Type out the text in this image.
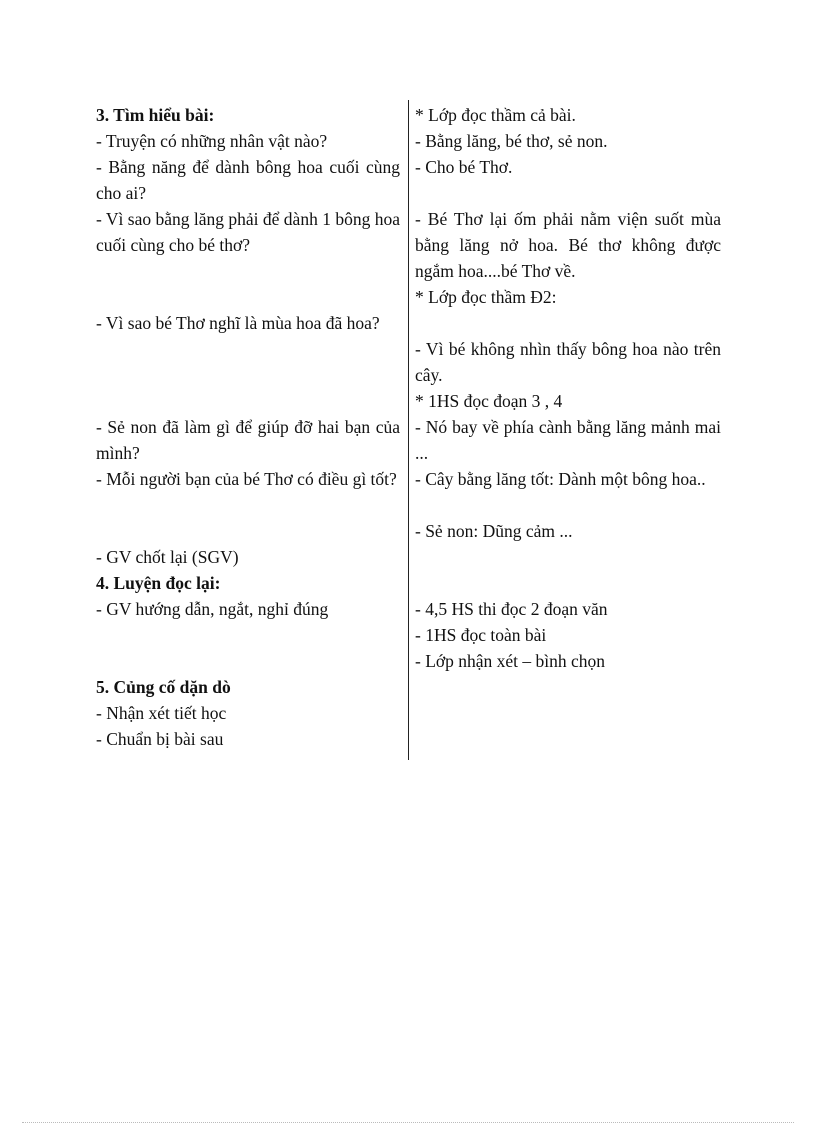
3. Tìm hiểu bài:
- Truyện có những nhân vật nào?
- Bằng năng để dành bông hoa cuối cùng cho ai?
- Vì sao bằng lăng phải để dành 1 bông hoa cuối cùng cho bé thơ?
- Vì sao bé Thơ nghĩ là mùa hoa đã hoa?
- Sẻ non đã làm gì để giúp đỡ hai bạn của mình?
- Mỗi người bạn của bé Thơ có điều gì tốt?
- GV chốt lại (SGV)
4. Luyện đọc lại:
- GV hướng dẫn, ngắt, nghỉ đúng
5. Củng cố dặn dò
- Nhận xét tiết học
- Chuẩn bị bài sau
* Lớp đọc thầm cả bài.
- Bằng lăng, bé thơ, sẻ non.
- Cho bé Thơ.
- Bé Thơ lại ốm phải nằm viện suốt mùa bằng lăng nở hoa. Bé thơ không được ngắm hoa....bé Thơ về.
* Lớp đọc thầm Đ2:
- Vì bé không nhìn thấy bông hoa nào trên cây.
* 1HS đọc đoạn 3 , 4
- Nó bay về phía cành bằng lăng mảnh mai ...
- Cây bằng lăng tốt: Dành một bông hoa..
- Sẻ non: Dũng cảm ...
- 4,5 HS thi đọc 2 đoạn văn
- 1HS đọc toàn bài
- Lớp nhận xét – bình chọn
